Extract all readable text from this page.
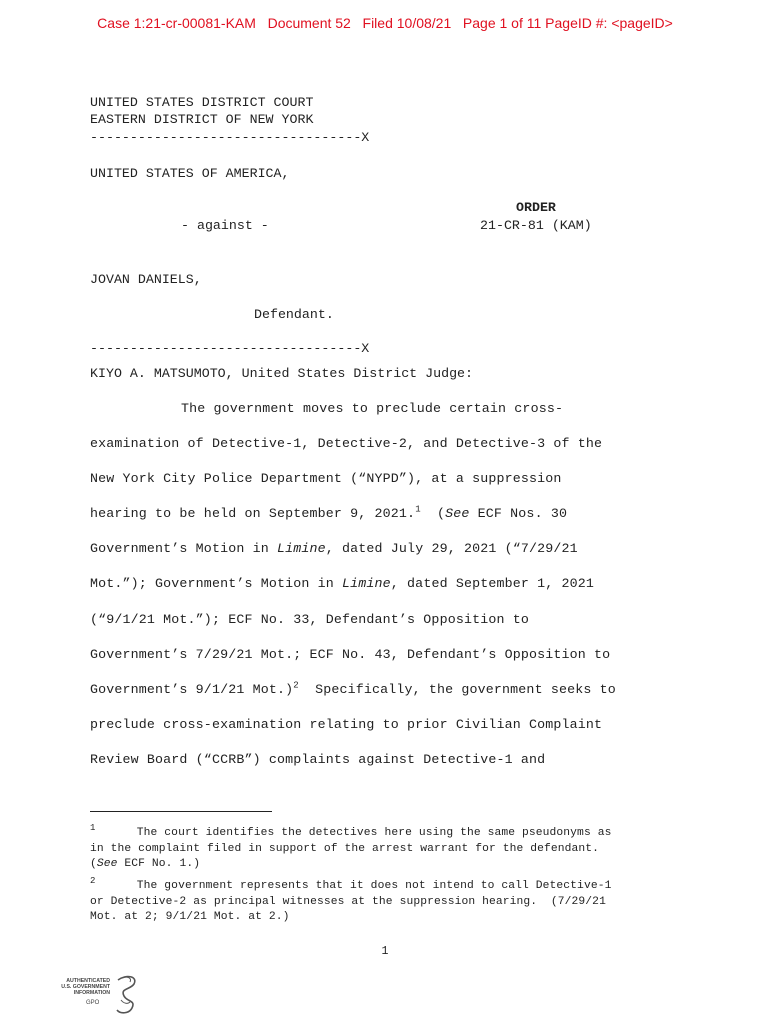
Case 1:21-cr-00081-KAM   Document 52   Filed 10/08/21   Page 1 of 11 PageID #: <pageID>
UNITED STATES DISTRICT COURT
EASTERN DISTRICT OF NEW YORK
----------------------------------X
UNITED STATES OF AMERICA,
ORDER
- against -	21-CR-81 (KAM)
JOVAN DANIELS,
Defendant.
----------------------------------X
KIYO A. MATSUMOTO, United States District Judge:
The government moves to preclude certain cross-
examination of Detective-1, Detective-2, and Detective-3 of the
New York City Police Department (“NYPD”), at a suppression
hearing to be held on September 9, 2021.$^1$  (See ECF Nos. 30
Government’s Motion in Limine, dated July 29, 2021 (“7/29/21
Mot.”); Government’s Motion in Limine, dated September 1, 2021
(“9/1/21 Mot.”); ECF No. 33, Defendant’s Opposition to
Government’s 7/29/21 Mot.; ECF No. 43, Defendant’s Opposition to
Government’s 9/1/21 Mot.)$^2$  Specifically, the government seeks to
preclude cross-examination relating to prior Civilian Complaint
Review Board (“CCRB”) complaints against Detective-1 and
$^1$      The court identifies the detectives here using the same pseudonyms as
in the complaint filed in support of the arrest warrant for the defendant.
(See ECF No. 1.)
$^2$      The government represents that it does not intend to call Detective-1
or Detective-2 as principal witnesses at the suppression hearing.  (7/29/21
Mot. at 2; 9/1/21 Mot. at 2.)
1
AUTHENTICATED
U.S. GOVERNMENT
INFORMATION
GPO
